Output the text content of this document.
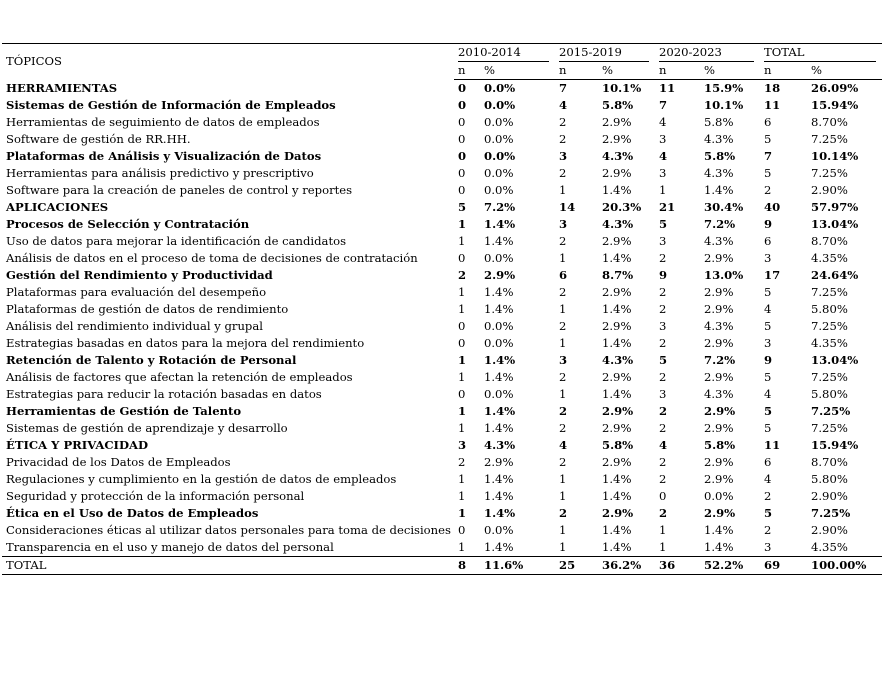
TÓPICOS	2010-2014		2015-2019		2020-2023		TOTAL	

	n	%	n	%	n	%	n	%
HERRAMIENTAS	0	0.0%	7	10.1%	11	15.9%	18	26.09%
Sistemas de Gestión de Información de Empleados	0	0.0%	4	5.8%	7	10.1%	11	15.94%
Herramientas de seguimiento de datos de empleados	0	0.0%	2	2.9%	4	5.8%	6	8.70%
Software de gestión de RR.HH.	0	0.0%	2	2.9%	3	4.3%	5	7.25%
Plataformas de Análisis y Visualización de Datos	0	0.0%	3	4.3%	4	5.8%	7	10.14%
Herramientas para análisis predictivo y prescriptivo	0	0.0%	2	2.9%	3	4.3%	5	7.25%
Software para la creación de paneles de control y reportes	0	0.0%	1	1.4%	1	1.4%	2	2.90%
APLICACIONES	5	7.2%	14	20.3%	21	30.4%	40	57.97%
Procesos de Selección y Contratación	1	1.4%	3	4.3%	5	7.2%	9	13.04%
Uso de datos para mejorar la identificación de candidatos	1	1.4%	2	2.9%	3	4.3%	6	8.70%
Análisis de datos en el proceso de toma de decisiones de contratación	0	0.0%	1	1.4%	2	2.9%	3	4.35%
Gestión del Rendimiento y Productividad	2	2.9%	6	8.7%	9	13.0%	17	24.64%
Plataformas para evaluación del desempeño	1	1.4%	2	2.9%	2	2.9%	5	7.25%
Plataformas de gestión de datos de rendimiento	1	1.4%	1	1.4%	2	2.9%	4	5.80%
Análisis del rendimiento individual y grupal	0	0.0%	2	2.9%	3	4.3%	5	7.25%
Estrategias basadas en datos para la mejora del rendimiento	0	0.0%	1	1.4%	2	2.9%	3	4.35%
Retención de Talento y Rotación de Personal	1	1.4%	3	4.3%	5	7.2%	9	13.04%
Análisis de factores que afectan la retención de empleados	1	1.4%	2	2.9%	2	2.9%	5	7.25%
Estrategias para reducir la rotación basadas en datos	0	0.0%	1	1.4%	3	4.3%	4	5.80%
Herramientas de Gestión de Talento	1	1.4%	2	2.9%	2	2.9%	5	7.25%
Sistemas de gestión de aprendizaje y desarrollo	1	1.4%	2	2.9%	2	2.9%	5	7.25%
ÉTICA Y PRIVACIDAD	3	4.3%	4	5.8%	4	5.8%	11	15.94%
Privacidad de los Datos de Empleados	2	2.9%	2	2.9%	2	2.9%	6	8.70%
Regulaciones y cumplimiento en la gestión de datos de empleados	1	1.4%	1	1.4%	2	2.9%	4	5.80%
Seguridad y protección de la información personal	1	1.4%	1	1.4%	0	0.0%	2	2.90%
Ética en el Uso de Datos de Empleados	1	1.4%	2	2.9%	2	2.9%	5	7.25%
Consideraciones éticas al utilizar datos personales para toma de decisiones	0	0.0%	1	1.4%	1	1.4%	2	2.90%
Transparencia en el uso y manejo de datos del personal	1	1.4%	1	1.4%	1	1.4%	3	4.35%
TOTAL	8	11.6%	25	36.2%	36	52.2%	69	100.00%
